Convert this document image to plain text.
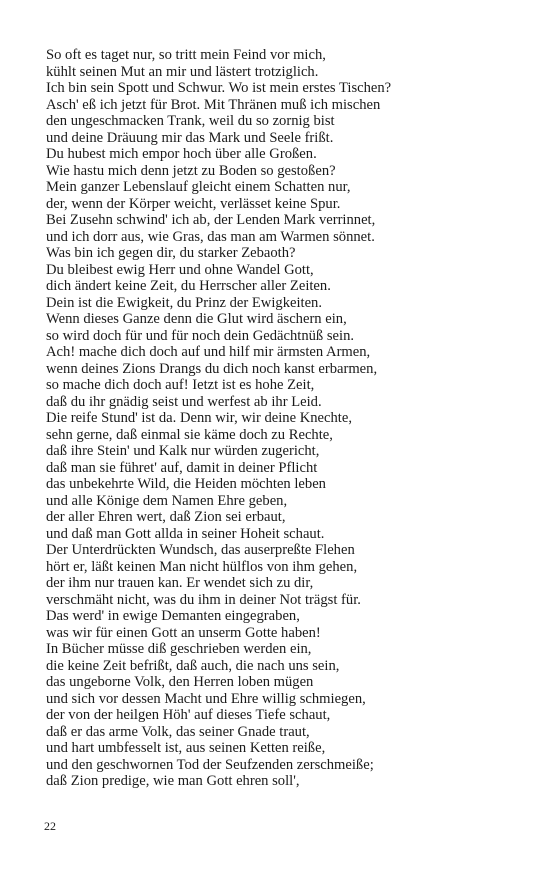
So oft es taget nur, so tritt mein Feind vor mich,
kühlt seinen Mut an mir und lästert trotziglich.
Ich bin sein Spott und Schwur. Wo ist mein erstes Tischen?
Asch' eß ich jetzt für Brot. Mit Thränen muß ich mischen
den ungeschmacken Trank, weil du so zornig bist
und deine Dräuung mir das Mark und Seele frißt.
Du hubest mich empor hoch über alle Großen.
Wie hastu mich denn jetzt zu Boden so gestoßen?
Mein ganzer Lebenslauf gleicht einem Schatten nur,
der, wenn der Körper weicht, verlässet keine Spur.
Bei Zusehn schwind' ich ab, der Lenden Mark verrinnet,
und ich dorr aus, wie Gras, das man am Warmen sönnet.
Was bin ich gegen dir, du starker Zebaoth?
Du bleibest ewig Herr und ohne Wandel Gott,
dich ändert keine Zeit, du Herrscher aller Zeiten.
Dein ist die Ewigkeit, du Prinz der Ewigkeiten.
Wenn dieses Ganze denn die Glut wird äschern ein,
so wird doch für und für noch dein Gedächtnüß sein.
Ach! mache dich doch auf und hilf mir ärmsten Armen,
wenn deines Zions Drangs du dich noch kanst erbarmen,
so mache dich doch auf! Ietzt ist es hohe Zeit,
daß du ihr gnädig seist und werfest ab ihr Leid.
Die reife Stund' ist da. Denn wir, wir deine Knechte,
sehn gerne, daß einmal sie käme doch zu Rechte,
daß ihre Stein' und Kalk nur würden zugericht,
daß man sie führet' auf, damit in deiner Pflicht
das unbekehrte Wild, die Heiden möchten leben
und alle Könige dem Namen Ehre geben,
der aller Ehren wert, daß Zion sei erbaut,
und daß man Gott allda in seiner Hoheit schaut.
Der Unterdrückten Wundsch, das auserpreßte Flehen
hört er, läßt keinen Man nicht hülflos von ihm gehen,
der ihm nur trauen kan. Er wendet sich zu dir,
verschmäht nicht, was du ihm in deiner Not trägst für.
Das werd' in ewige Demanten eingegraben,
was wir für einen Gott an unserm Gotte haben!
In Bücher müsse diß geschrieben werden ein,
die keine Zeit befrißt, daß auch, die nach uns sein,
das ungeborne Volk, den Herren loben mügen
und sich vor dessen Macht und Ehre willig schmiegen,
der von der heilgen Höh' auf dieses Tiefe schaut,
daß er das arme Volk, das seiner Gnade traut,
und hart umbfesselt ist, aus seinen Ketten reiße,
und den geschwornen Tod der Seufzenden zerschmeiße;
daß Zion predige, wie man Gott ehren soll',
22
